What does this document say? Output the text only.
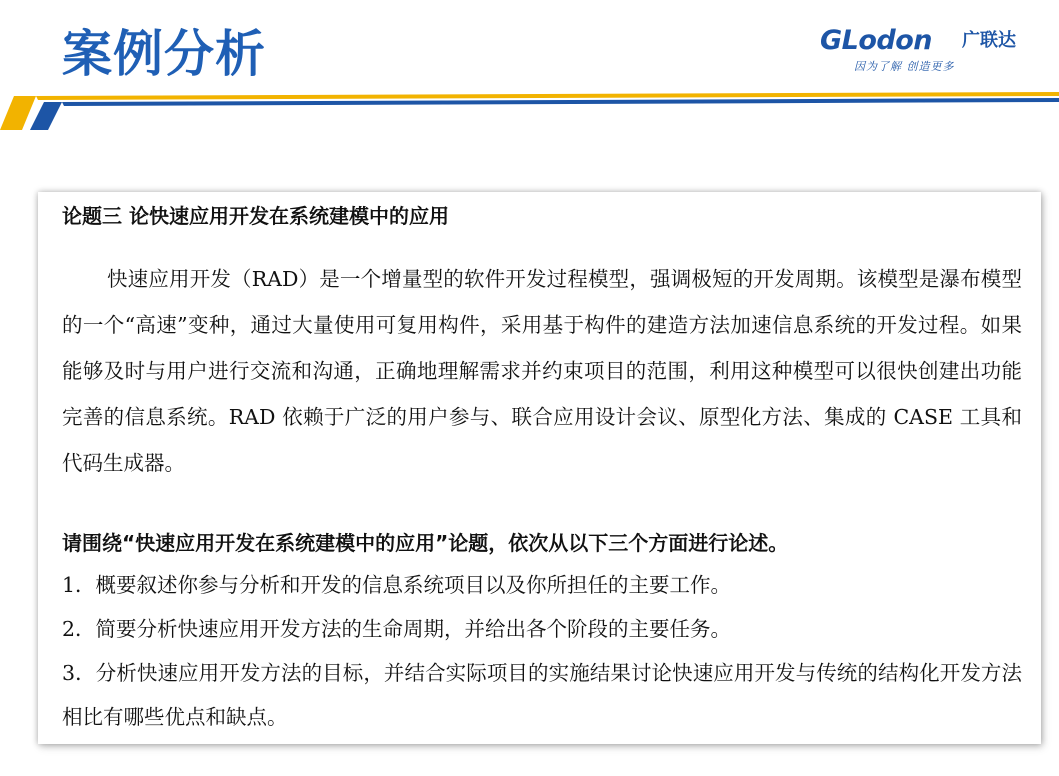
案例分析	GLodon 广联达
因为了解 创造更多
论题三 论快速应用开发在系统建模中的应用
快速应用开发（RAD）是一个增量型的软件开发过程模型，强调极短的开发周期。该模型是瀑布模型的一个“高速”变种，通过大量使用可复用构件，采用基于构件的建造方法加速信息系统的开发过程。如果能够及时与用户进行交流和沟通，正确地理解需求并约束项目的范围，利用这种模型可以很快创建出功能完善的信息系统。RAD 依赖于广泛的用户参与、联合应用设计会议、原型化方法、集成的 CASE 工具和代码生成器。
请围绕“快速应用开发在系统建模中的应用”论题，依次从以下三个方面进行论述。
1．概要叙述你参与分析和开发的信息系统项目以及你所担任的主要工作。
2．简要分析快速应用开发方法的生命周期，并给出各个阶段的主要任务。
3．分析快速应用开发方法的目标，并结合实际项目的实施结果讨论快速应用开发与传统的结构化开发方法相比有哪些优点和缺点。
